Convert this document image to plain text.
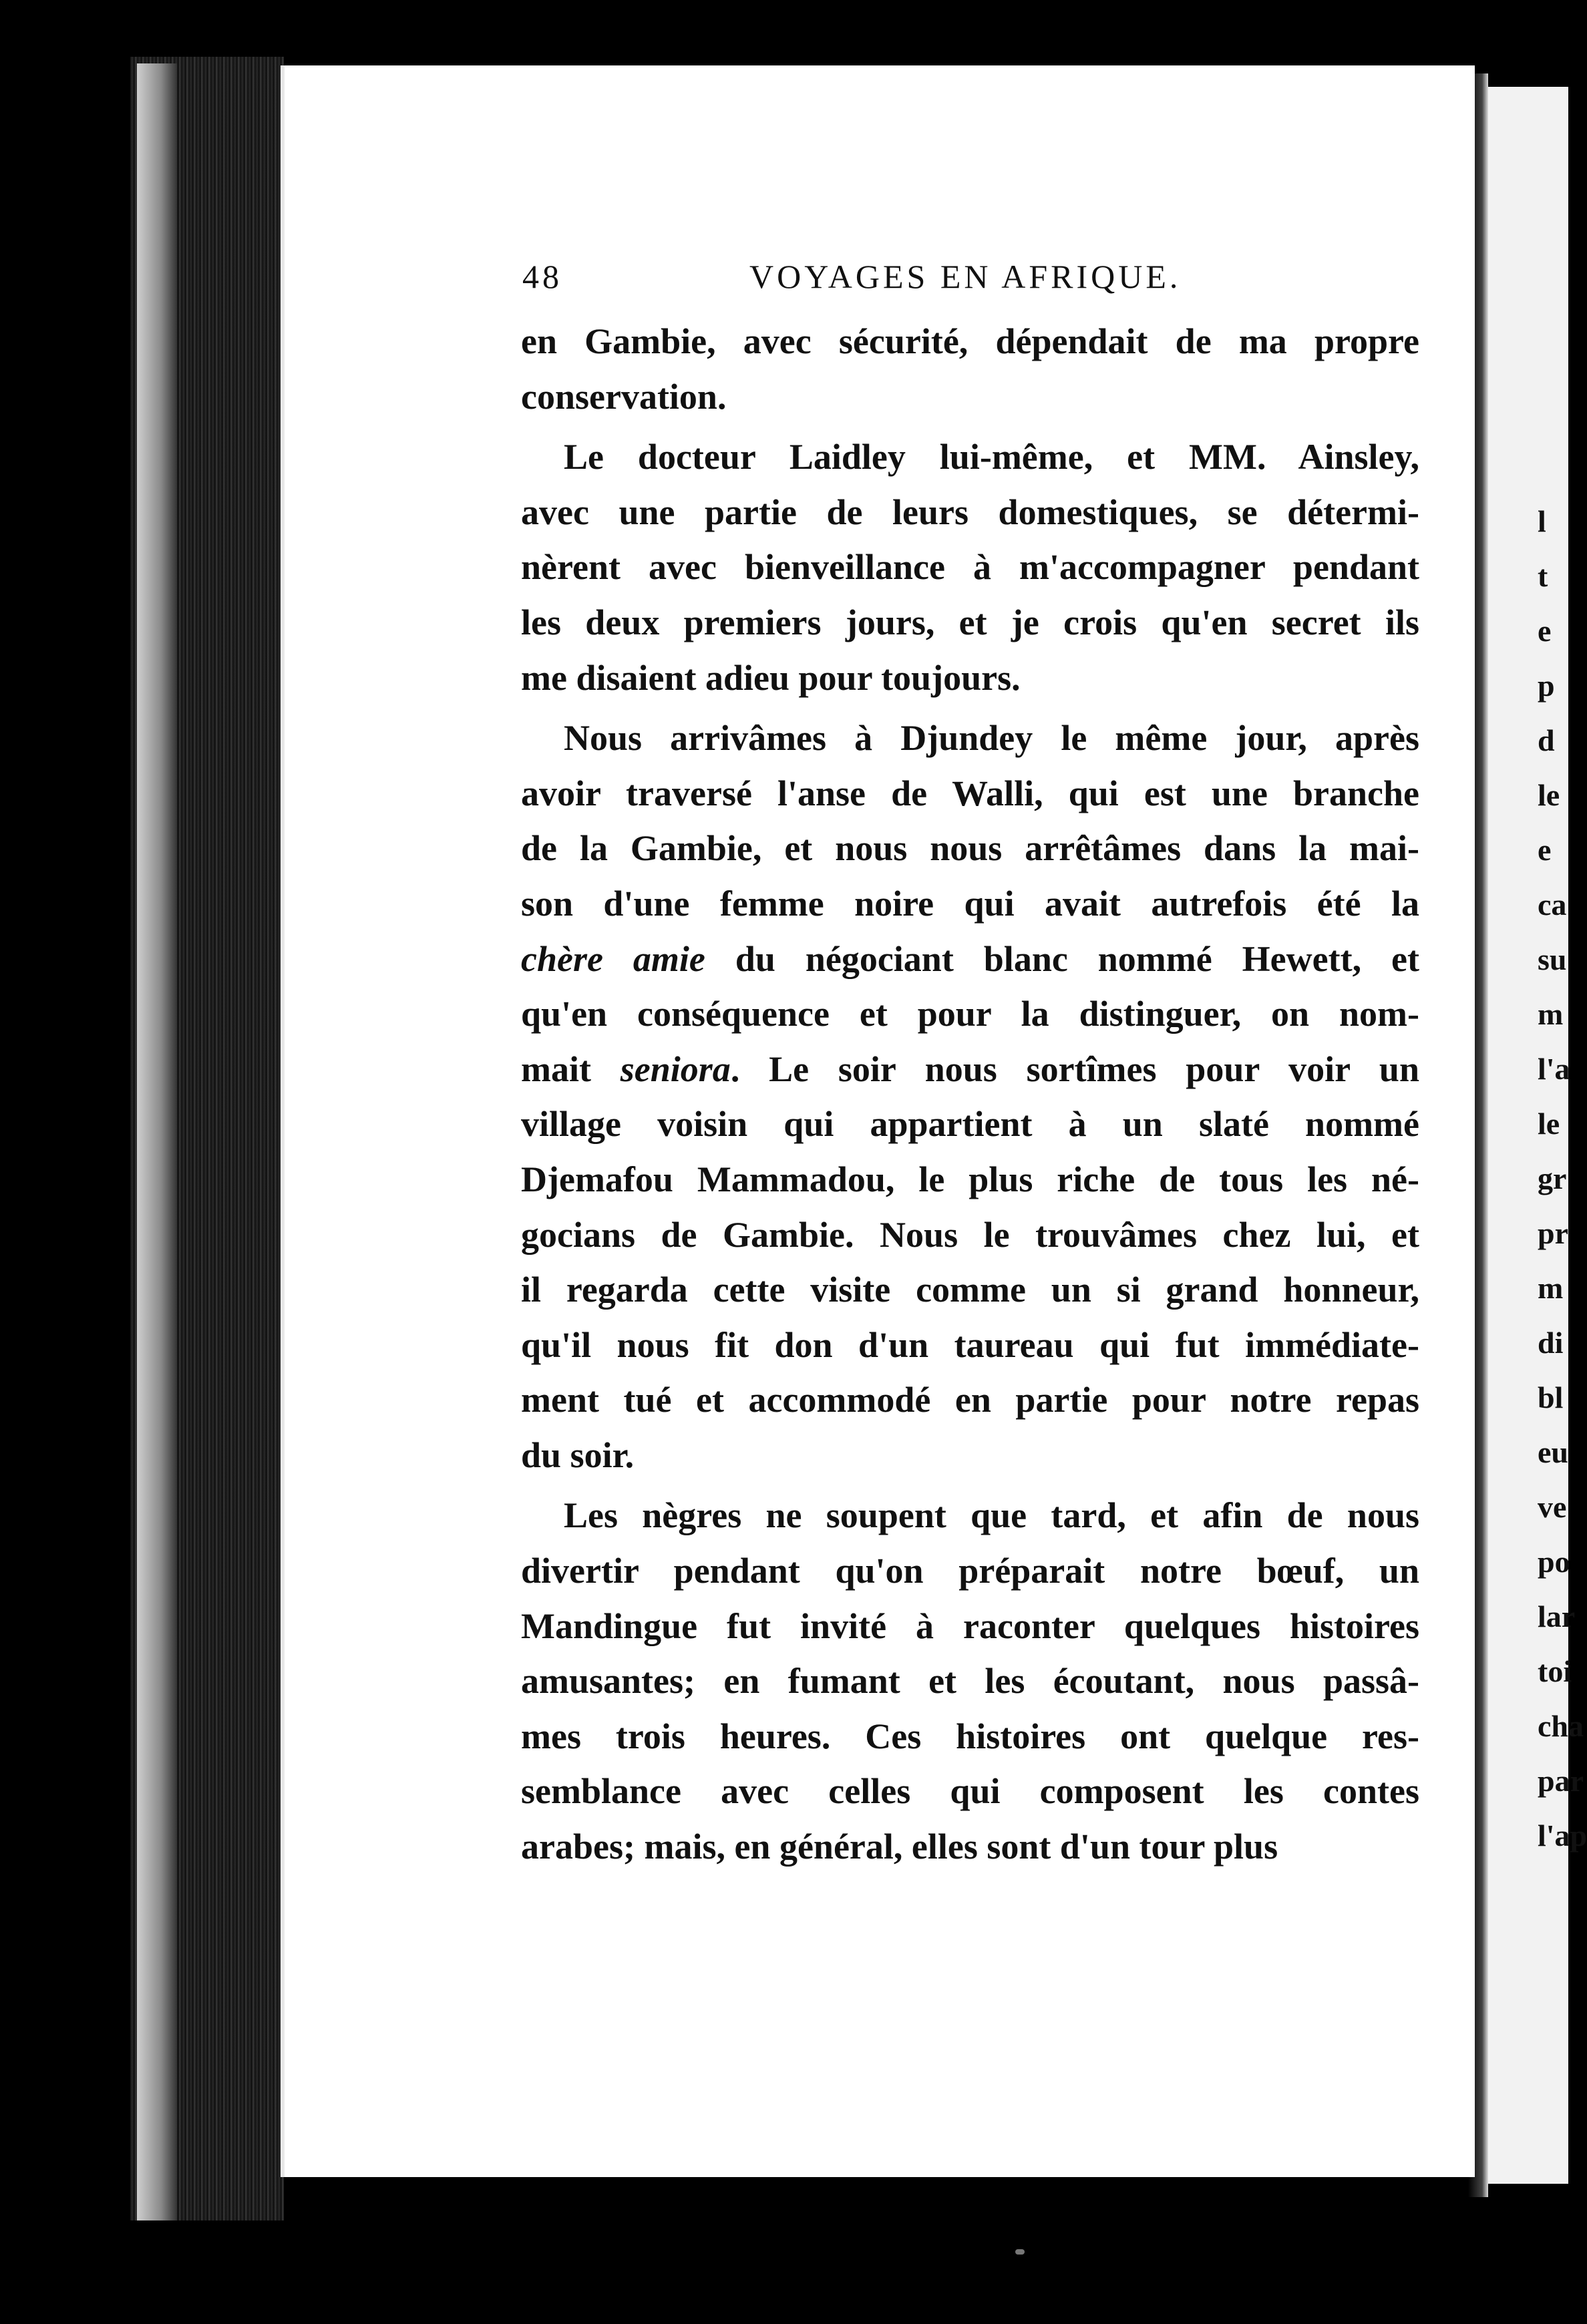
l
t
e
p
d
le
e
ca
su
m
l'a
le
gr
pr
m
di
bl
eu
ve
po
lar
toi
cha
par
l'ap
48	VOYAGES EN AFRIQUE.
en Gambie, avec sécurité, dépendait de ma propre
conservation.
Le docteur Laidley lui-même, et MM. Ainsley,
avec une partie de leurs domestiques, se détermi-
nèrent avec bienveillance à m'accompagner pendant
les deux premiers jours, et je crois qu'en secret ils
me disaient adieu pour toujours.
Nous arrivâmes à Djundey le même jour, après
avoir traversé l'anse de Walli, qui est une branche
de la Gambie, et nous nous arrêtâmes dans la mai-
son d'une femme noire qui avait autrefois été la
chère amie du négociant blanc nommé Hewett, et
qu'en conséquence et pour la distinguer, on nom-
mait seniora. Le soir nous sortîmes pour voir un
village voisin qui appartient à un slaté nommé
Djemafou Mammadou, le plus riche de tous les né-
gocians de Gambie. Nous le trouvâmes chez lui, et
il regarda cette visite comme un si grand honneur,
qu'il nous fit don d'un taureau qui fut immédiate-
ment tué et accommodé en partie pour notre repas
du soir.
Les nègres ne soupent que tard, et afin de nous
divertir pendant qu'on préparait notre bœuf, un
Mandingue fut invité à raconter quelques histoires
amusantes; en fumant et les écoutant, nous passâ-
mes trois heures. Ces histoires ont quelque res-
semblance avec celles qui composent les contes
arabes; mais, en général, elles sont d'un tour plus
